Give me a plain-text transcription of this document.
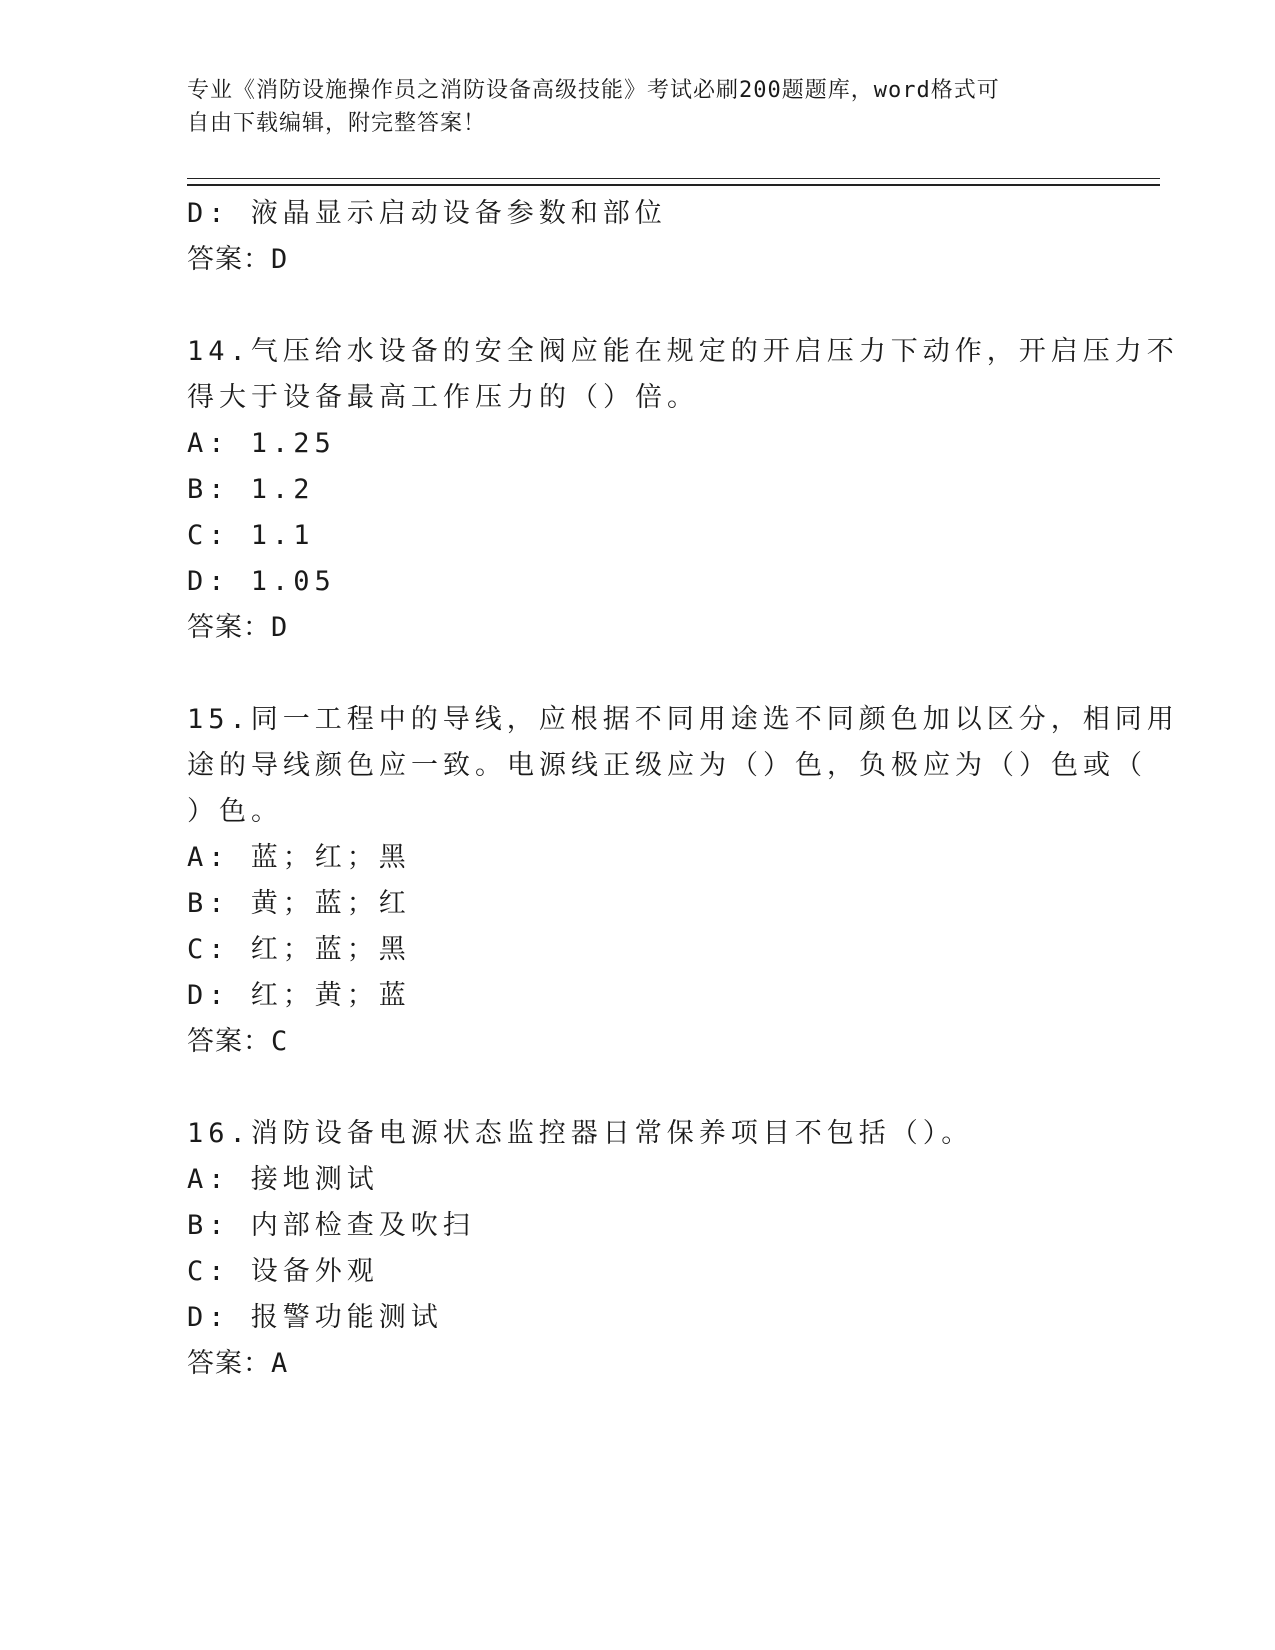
专业《消防设施操作员之消防设备高级技能》考试必刷200题题库，word格式可
自由下载编辑，附完整答案！
D: 液晶显示启动设备参数和部位
答案：D
14.气压给水设备的安全阀应能在规定的开启压力下动作，开启压力不
得大于设备最高工作压力的（）倍。
A: 1.25
B: 1.2
C: 1.1
D: 1.05
答案：D
15.同一工程中的导线，应根据不同用途选不同颜色加以区分，相同用
途的导线颜色应一致。电源线正级应为（）色，负极应为（）色或（
）色。
A: 蓝；红；黑
B: 黄；蓝；红
C: 红；蓝；黑
D: 红；黄；蓝
答案：C
16.消防设备电源状态监控器日常保养项目不包括（）。
A: 接地测试
B: 内部检查及吹扫
C: 设备外观
D: 报警功能测试
答案：A
